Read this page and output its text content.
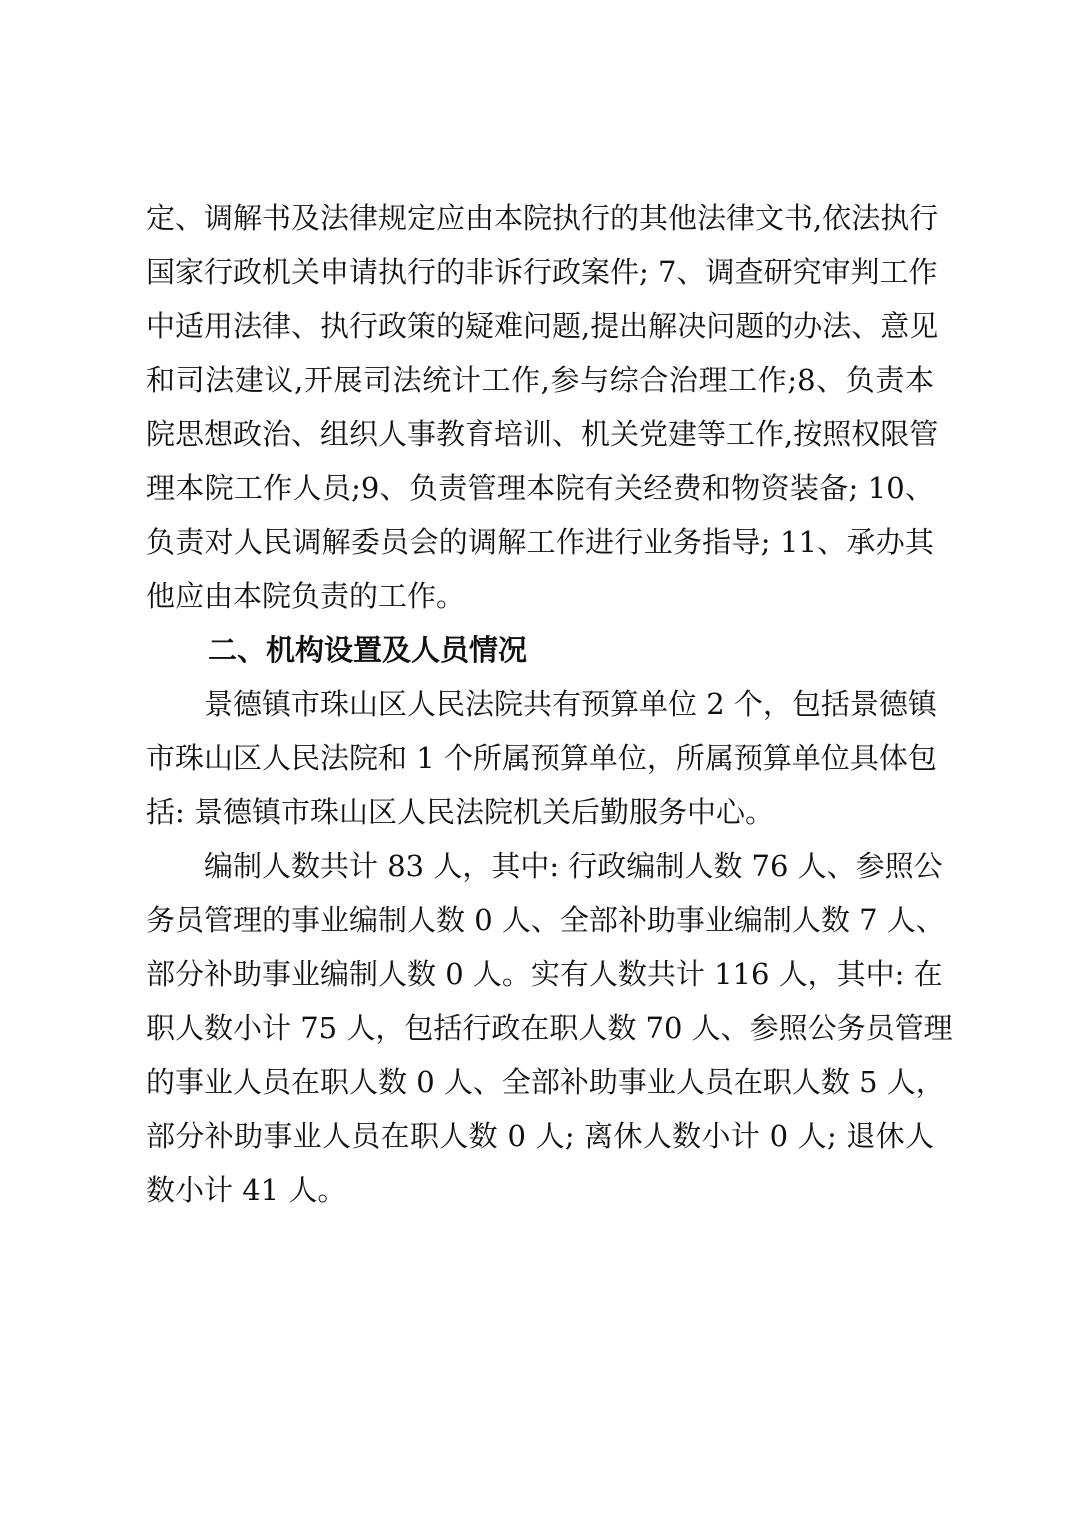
定、调解书及法律规定应由本院执行的其他法律文书,依法执行
国家行政机关申请执行的非诉行政案件; 7、调查研究审判工作
中适用法律、执行政策的疑难问题,提出解决问题的办法、意见
和司法建议,开展司法统计工作,参与综合治理工作;8、负责本
院思想政治、组织人事教育培训、机关党建等工作,按照权限管
理本院工作人员;9、负责管理本院有关经费和物资装备; 10、
负责对人民调解委员会的调解工作进行业务指导; 11、承办其
他应由本院负责的工作。
二、机构设置及人员情况
景德镇市珠山区人民法院共有预算单位 2 个，包括景德镇
市珠山区人民法院和 1 个所属预算单位，所属预算单位具体包
括: 景德镇市珠山区人民法院机关后勤服务中心。
编制人数共计 83 人，其中: 行政编制人数 76 人、参照公
务员管理的事业编制人数 0 人、全部补助事业编制人数 7 人、
部分补助事业编制人数 0 人。实有人数共计 116 人，其中: 在
职人数小计 75 人，包括行政在职人数 70 人、参照公务员管理
的事业人员在职人数 0 人、全部补助事业人员在职人数 5 人，
部分补助事业人员在职人数 0 人; 离休人数小计 0 人; 退休人
数小计 41 人。
